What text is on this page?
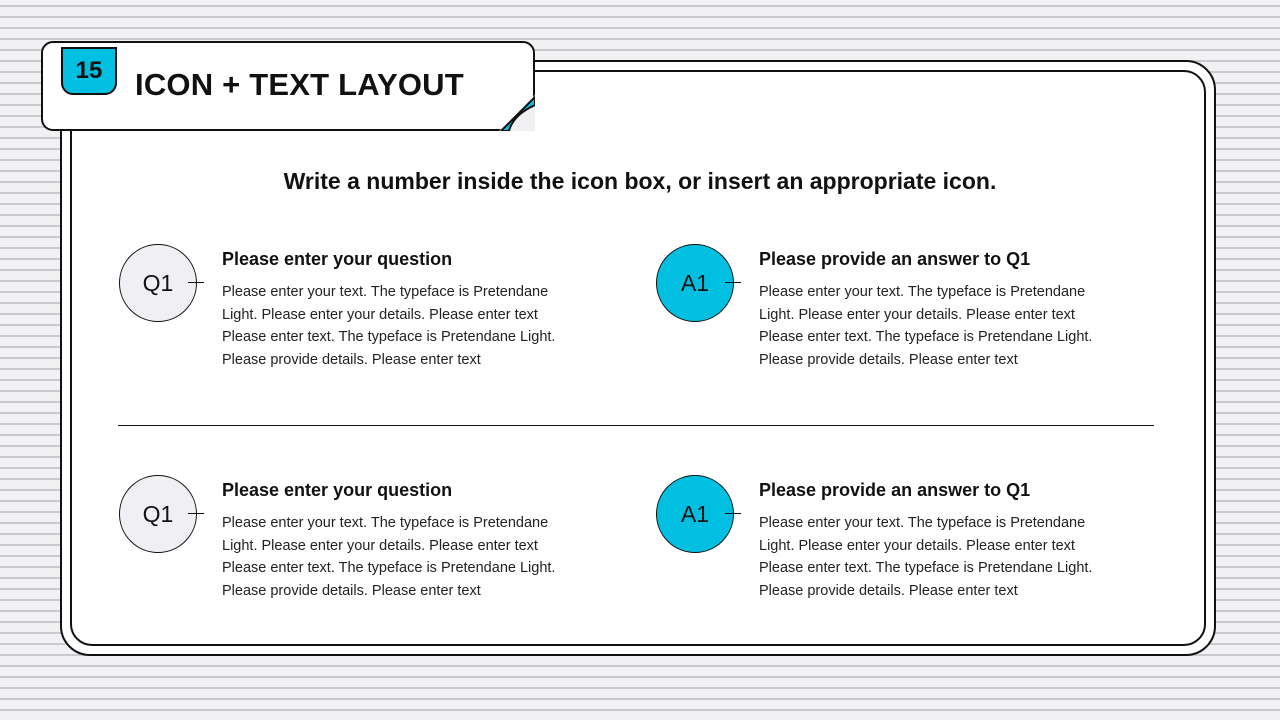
15	ICON + TEXT LAYOUT
Write a number inside the icon box, or insert an appropriate icon.
Q1
Please enter your question
Please enter your text. The typeface is Pretendane
Light. Please enter your details. Please enter text
Please enter text. The typeface is Pretendane Light.
Please provide details. Please enter text
A1
Please provide an answer to Q1
Please enter your text. The typeface is Pretendane
Light. Please enter your details. Please enter text
Please enter text. The typeface is Pretendane Light.
Please provide details. Please enter text
Q1
Please enter your question
Please enter your text. The typeface is Pretendane
Light. Please enter your details. Please enter text
Please enter text. The typeface is Pretendane Light.
Please provide details. Please enter text
A1
Please provide an answer to Q1
Please enter your text. The typeface is Pretendane
Light. Please enter your details. Please enter text
Please enter text. The typeface is Pretendane Light.
Please provide details. Please enter text
